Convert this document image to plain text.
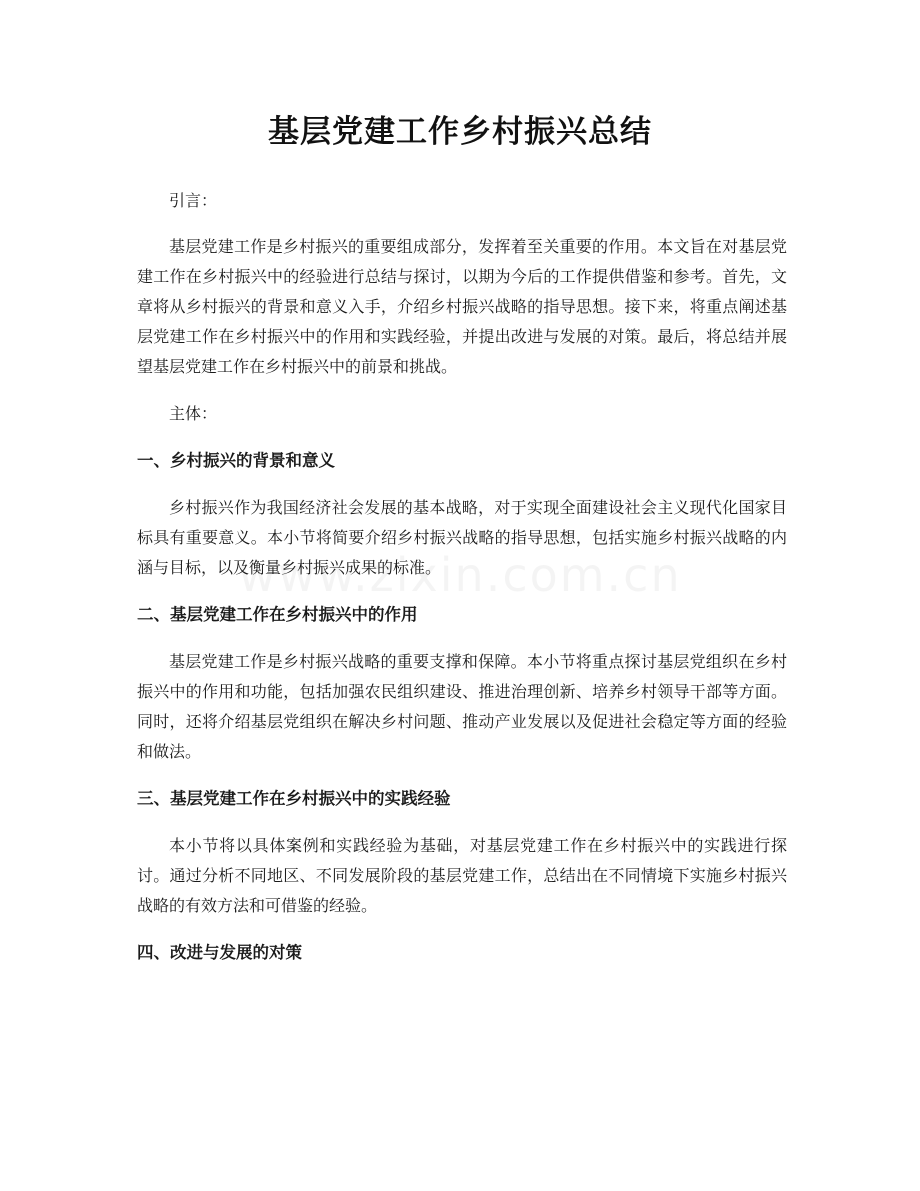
基层党建工作乡村振兴总结

引言：

基层党建工作是乡村振兴的重要组成部分，发挥着至关重要的作用。本文旨在对基层党建工作在乡村振兴中的经验进行总结与探讨，以期为今后的工作提供借鉴和参考。首先，文章将从乡村振兴的背景和意义入手，介绍乡村振兴战略的指导思想。接下来，将重点阐述基层党建工作在乡村振兴中的作用和实践经验，并提出改进与发展的对策。最后，将总结并展望基层党建工作在乡村振兴中的前景和挑战。

主体：

一、乡村振兴的背景和意义

乡村振兴作为我国经济社会发展的基本战略，对于实现全面建设社会主义现代化国家目标具有重要意义。本小节将简要介绍乡村振兴战略的指导思想，包括实施乡村振兴战略的内涵与目标，以及衡量乡村振兴成果的标准。

二、基层党建工作在乡村振兴中的作用

基层党建工作是乡村振兴战略的重要支撑和保障。本小节将重点探讨基层党组织在乡村振兴中的作用和功能，包括加强农民组织建设、推进治理创新、培养乡村领导干部等方面。同时，还将介绍基层党组织在解决乡村问题、推动产业发展以及促进社会稳定等方面的经验和做法。

三、基层党建工作在乡村振兴中的实践经验

本小节将以具体案例和实践经验为基础，对基层党建工作在乡村振兴中的实践进行探讨。通过分析不同地区、不同发展阶段的基层党建工作，总结出在不同情境下实施乡村振兴战略的有效方法和可借鉴的经验。

四、改进与发展的对策
